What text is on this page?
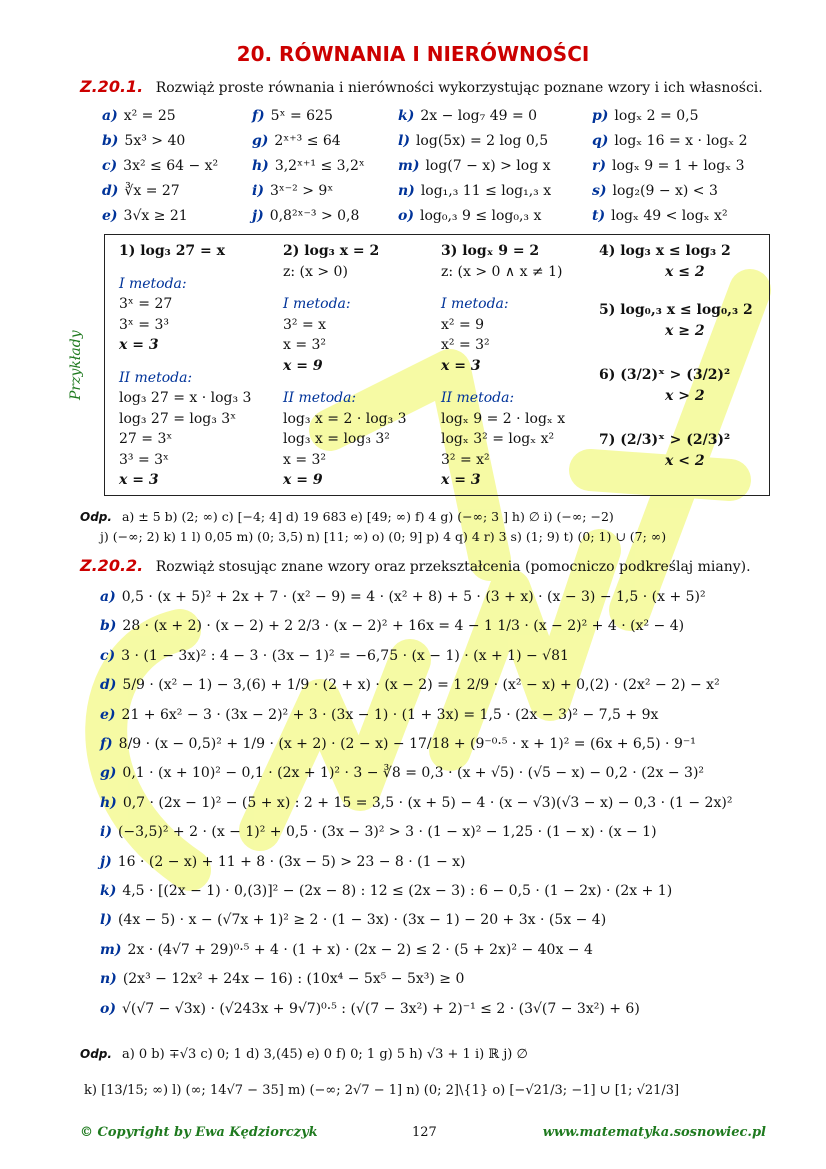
20. RÓWNANIA I NIERÓWNOŚCI
Z.20.1. Rozwiąż proste równania i nierówności wykorzystując poznane wzory i ich własności.
a) x² = 25
b) 5x³ > 40
c) 3x² ≤ 64 − x²
d) ∛x = 27
e) 3√x ≥ 21
f) 5ˣ = 625
g) 2ˣ⁺³ ≤ 64
h) 3,2ˣ⁺¹ ≤ 3,2ˣ
i) 3ˣ⁻² > 9ˣ
j) 0,8²ˣ⁻³ > 0,8
k) 2x − log₇ 49 = 0
l) log(5x) = 2 log 0,5
m) log(7 − x) > log x
n) log₁,₃ 11 ≤ log₁,₃ x
o) log₀,₃ 9 ≤ log₀,₃ x
p) logₓ 2 = 0,5
q) logₓ 16 = x · logₓ 2
r) logₓ 9 = 1 + logₓ 3
s) log₂(9 − x) < 3
t) logₓ 49 < logₓ x²
Przykłady
1) log₃ 27 = x
I metoda:
3ˣ = 27
3ˣ = 3³
x = 3
II metoda:
log₃ 27 = x · log₃ 3
log₃ 27 = log₃ 3ˣ
27 = 3ˣ
3³ = 3ˣ
x = 3
2) log₃ x = 2
z: (x > 0)
I metoda:
3² = x
x = 3²
x = 9
II metoda:
log₃ x = 2 · log₃ 3
log₃ x = log₃ 3²
x = 3²
x = 9
3) logₓ 9 = 2
z: (x > 0 ∧ x ≠ 1)
I metoda:
x² = 9
x² = 3²
x = 3
II metoda:
logₓ 9 = 2 · logₓ x
logₓ 3² = logₓ x²
3² = x²
x = 3
4) log₃ x ≤ log₃ 2
x ≤ 2
5) log₀,₃ x ≤ log₀,₃ 2
x ≥ 2
6) (3/2)ˣ > (3/2)²
x > 2
7) (2/3)ˣ > (2/3)²
x < 2
Odp. a) ± 5 b) (2; ∞) c) [−4; 4] d) 19 683 e) [49; ∞) f) 4 g) (−∞; 3 ] h) ∅ i) (−∞; −2)
j) (−∞; 2) k) 1 l) 0,05 m) (0; 3,5) n) [11; ∞) o) (0; 9] p) 4 q) 4 r) 3 s) (1; 9) t) (0; 1) ∪ (7; ∞)
Z.20.2. Rozwiąż stosując znane wzory oraz przekształcenia (pomocniczo podkreślaj miany).
a) 0,5 · (x + 5)² + 2x + 7 · (x² − 9) = 4 · (x² + 8) + 5 · (3 + x) · (x − 3) − 1,5 · (x + 5)²
b) 28 · (x + 2) · (x − 2) + 2 2/3 · (x − 2)² + 16x = 4 − 1 1/3 · (x − 2)² + 4 · (x² − 4)
c) 3 · (1 − 3x)² : 4 − 3 · (3x − 1)² = −6,75 · (x − 1) · (x + 1) − √81
d) 5/9 · (x² − 1) − 3,(6) + 1/9 · (2 + x) · (x − 2) = 1 2/9 · (x² − x) + 0,(2) · (2x² − 2) − x²
e) 21 + 6x² − 3 · (3x − 2)² + 3 · (3x − 1) · (1 + 3x) = 1,5 · (2x − 3)² − 7,5 + 9x
f) 8/9 · (x − 0,5)² + 1/9 · (x + 2) · (2 − x) − 17/18 + (9⁻⁰·⁵ · x + 1)² = (6x + 6,5) · 9⁻¹
g) 0,1 · (x + 10)² − 0,1 · (2x + 1)² · 3 − ∛8 = 0,3 · (x + √5) · (√5 − x) − 0,2 · (2x − 3)²
h) 0,7 · (2x − 1)² − (5 + x) : 2 + 15 = 3,5 · (x + 5) − 4 · (x − √3)(√3 − x) − 0,3 · (1 − 2x)²
i) (−3,5)² + 2 · (x − 1)² + 0,5 · (3x − 3)² > 3 · (1 − x)² − 1,25 · (1 − x) · (x − 1)
j) 16 · (2 − x) + 11 + 8 · (3x − 5) > 23 − 8 · (1 − x)
k) 4,5 · [(2x − 1) · 0,(3)]² − (2x − 8) : 12 ≤ (2x − 3) : 6 − 0,5 · (1 − 2x) · (2x + 1)
l) (4x − 5) · x − (√7x + 1)² ≥ 2 · (1 − 3x) · (3x − 1) − 20 + 3x · (5x − 4)
m) 2x · (4√7 + 29)⁰·⁵ + 4 · (1 + x) · (2x − 2) ≤ 2 · (5 + 2x)² − 40x − 4
n) (2x³ − 12x² + 24x − 16) : (10x⁴ − 5x⁵ − 5x³) ≥ 0
o) √(√7 − √3x) · (√243x + 9√7)⁰·⁵ : (√(7 − 3x²) + 2)⁻¹ ≤ 2 · (3√(7 − 3x²) + 6)
Odp. a) 0 b) ∓√3 c) 0; 1 d) 3,(45) e) 0 f) 0; 1 g) 5 h) √3 + 1 i) ℝ j) ∅
k) [13/15; ∞) l) (∞; 14√7 − 35] m) (−∞; 2√7 − 1] n) (0; 2]\{1} o) [−√21/3; −1] ∪ [1; √21/3]
© Copyright by Ewa Kędziorczyk	127	www.matematyka.sosnowiec.pl
